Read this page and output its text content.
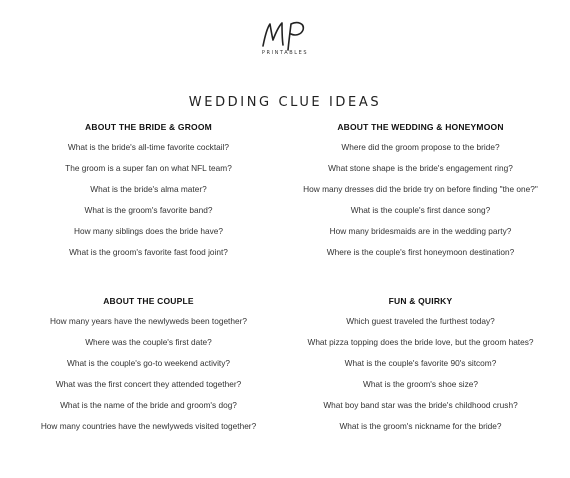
PRINTABLES
WEDDING CLUE IDEAS
ABOUT THE BRIDE & GROOM
What is the bride's all-time favorite cocktail?
The groom is a super fan on what NFL team?
What is the bride's alma mater?
What is the groom's favorite band?
How many siblings does the bride have?
What is the groom's favorite fast food joint?
ABOUT THE WEDDING & HONEYMOON
Where did the groom propose to the bride?
What stone shape is the bride's engagement ring?
How many dresses did the bride try on before finding "the one?"
What is the couple's first dance song?
How many bridesmaids are in the wedding party?
Where is the couple's first honeymoon destination?
ABOUT THE COUPLE
How many years have the newlyweds been together?
Where was the couple's first date?
What is the couple's go-to weekend activity?
What was the first concert they attended together?
What is the name of the bride and groom's dog?
How many countries have the newlyweds visited together?
FUN & QUIRKY
Which guest traveled the furthest today?
What pizza topping does the bride love, but the groom hates?
What is the couple's favorite 90's sitcom?
What is the groom's shoe size?
What boy band star was the bride's childhood crush?
What is the groom's nickname for the bride?
